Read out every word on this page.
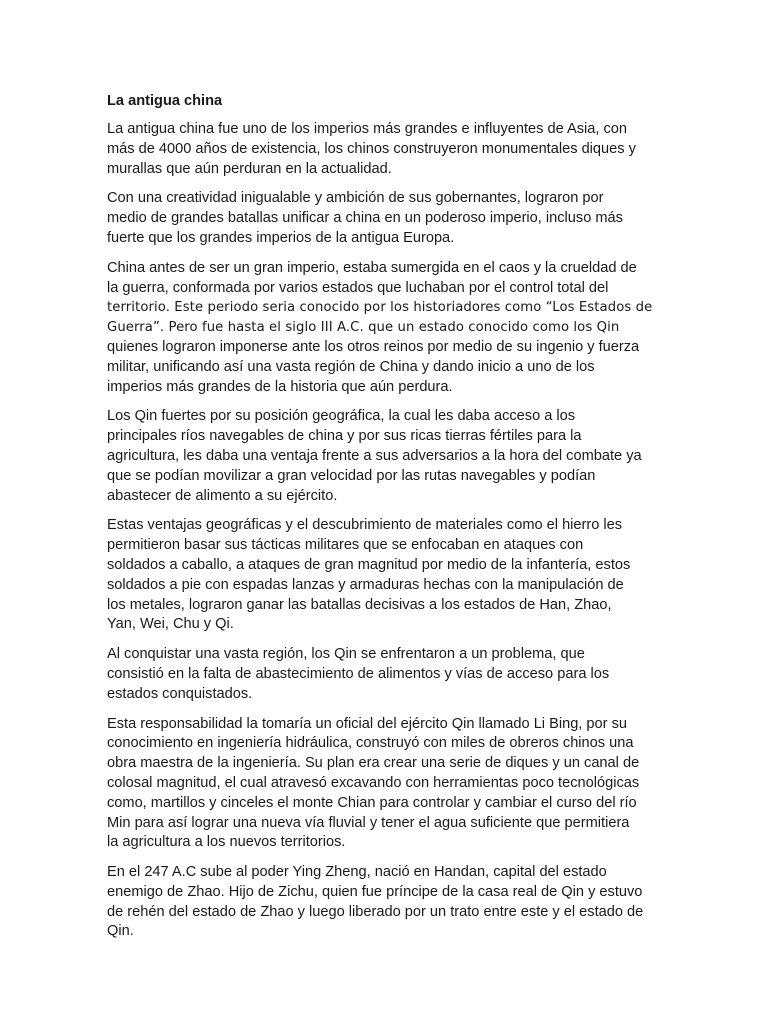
La antigua china
La antigua china fue uno de los imperios más grandes e influyentes de Asia, con
más de 4000 años de existencia, los chinos construyeron monumentales diques y
murallas que aún perduran en la actualidad.
Con una creatividad inigualable y ambición de sus gobernantes, lograron por
medio de grandes batallas unificar a china en un poderoso imperio, incluso más
fuerte que los grandes imperios de la antigua Europa.
China antes de ser un gran imperio, estaba sumergida en el caos y la crueldad de
la guerra, conformada por varios estados que luchaban por el control total del
territorio. Este periodo seria conocido por los historiadores como “Los Estados de
Guerra”. Pero fue hasta el siglo III A.C. que un estado conocido como los Qin
quienes lograron imponerse ante los otros reinos por medio de su ingenio y fuerza
militar, unificando así una vasta región de China y dando inicio a uno de los
imperios más grandes de la historia que aún perdura.
Los Qin fuertes por su posición geográfica, la cual les daba acceso a los
principales ríos navegables de china y por sus ricas tierras fértiles para la
agricultura, les daba una ventaja frente a sus adversarios a la hora del combate ya
que se podían movilizar a gran velocidad por las rutas navegables y podían
abastecer de alimento a su ejército.
Estas ventajas geográficas y el descubrimiento de materiales como el hierro les
permitieron basar sus tácticas militares que se enfocaban en ataques con
soldados a caballo, a ataques de gran magnitud por medio de la infantería, estos
soldados a pie con espadas lanzas y armaduras hechas con la manipulación de
los metales, lograron ganar las batallas decisivas a los estados de Han, Zhao,
Yan, Wei, Chu y Qi.
Al conquistar una vasta región, los Qin se enfrentaron a un problema, que
consistió en la falta de abastecimiento de alimentos y vías de acceso para los
estados conquistados.
Esta responsabilidad la tomaría un oficial del ejército Qin llamado Li Bing, por su
conocimiento en ingeniería hidráulica, construyó con miles de obreros chinos una
obra maestra de la ingeniería. Su plan era crear una serie de diques y un canal de
colosal magnitud, el cual atravesó excavando con herramientas poco tecnológicas
como, martillos y cinceles el monte Chian para controlar y cambiar el curso del río
Min para así lograr una nueva vía fluvial y tener el agua suficiente que permitiera
la agricultura a los nuevos territorios.
En el 247 A.C sube al poder Ying Zheng, nació en Handan, capital del estado
enemigo de Zhao. Hijo de Zichu, quien fue príncipe de la casa real de Qin y estuvo
de rehén del estado de Zhao y luego liberado por un trato entre este y el estado de
Qin.
